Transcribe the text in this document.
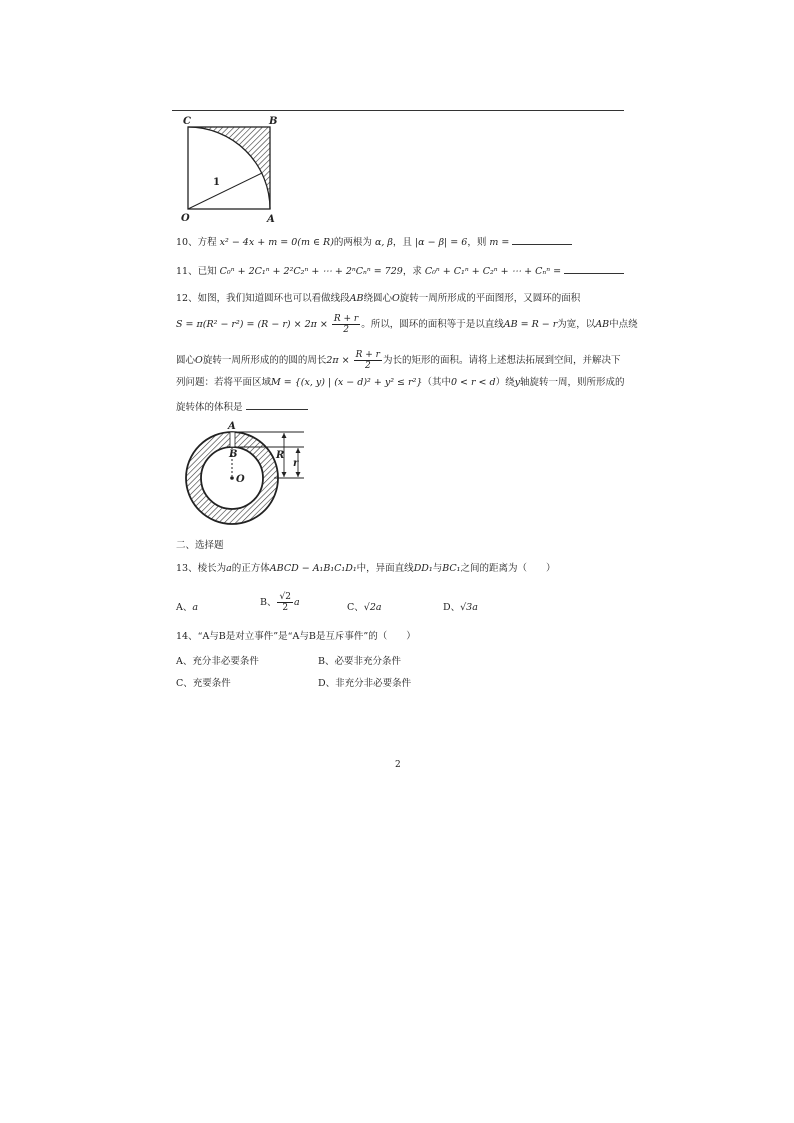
C	B
O	A
1
10、方程 x² − 4x + m = 0(m ∈ R)的两根为 α, β，且 |α − β| = 6，则 m =
11、已知 C₀ⁿ + 2C₁ⁿ + 2²C₂ⁿ + ⋯ + 2ⁿCₙⁿ = 729，求 C₀ⁿ + C₁ⁿ + C₂ⁿ + ⋯ + Cₙⁿ =
12、如图，我们知道圆环也可以看做线段AB绕圆心O旋转一周所形成的平面图形，又圆环的面积
$S = \pi(R^2 - r^2) = (R - r) \times 2\pi \times \frac{R + r}{2}$ 。所以，圆环的面积等于是以直线AB = R − r为宽，以AB中点绕
圆心O旋转一周所形成的的圆的周长$2\pi \times \frac{R + r}{2}$ 为长的矩形的面积。请将上述想法拓展到空间，并解决下
列问题：若将平面区域M = {(x, y) | (x − d)² + y² ≤ r²}（其中0 < r < d）绕y轴旋转一周，则所形成的
旋转体的体积是
A
B
O
R
r
二、选择题
13、棱长为a的正方体ABCD − A₁B₁C₁D₁中，异面直线DD₁与BC₁之间的距离为（　　）
A、a	B、 $\frac{√2}{2}$ a	C、√2a	D、√3a
14、“A与B是对立事件”是“A与B是互斥事件”的（　　）
A、充分非必要条件	B、必要非充分条件
C、充要条件	D、非充分非必要条件
2
